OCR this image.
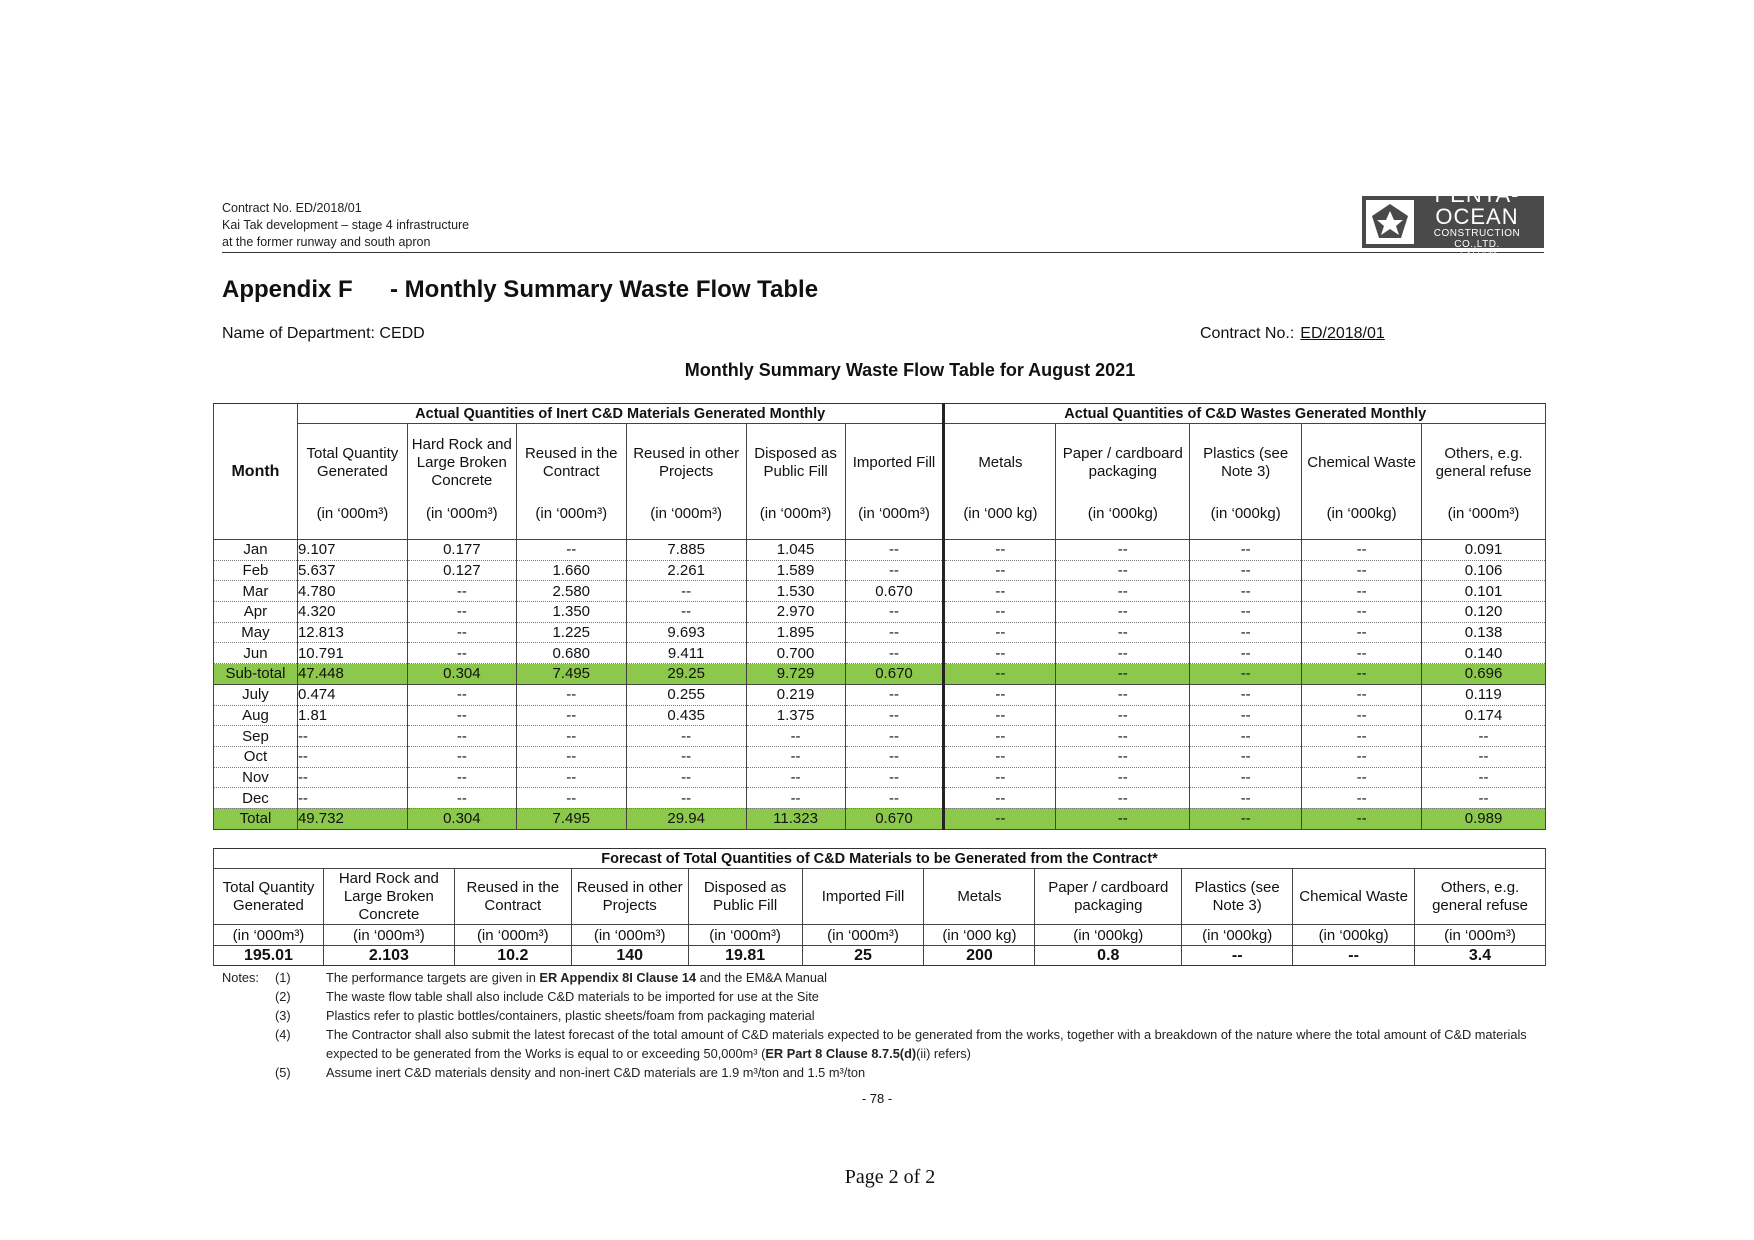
Contract No. ED/2018/01
Kai Tak development – stage 4 infrastructure
at the former runway and south apron
PENTA-OCEAN
CONSTRUCTION CO.,LTD.
五洋建設
Appendix F - Monthly Summary Waste Flow Table
Name of Department: CEDD	Contract No.: ED/2018/01
Monthly Summary Waste Flow Table for August 2021
Month	Actual Quantities of Inert C&D Materials Generated Monthly						Actual Quantities of C&D Wastes Generated Monthly				
	Total Quantity Generated	Hard Rock and Large Broken Concrete	Reused in the Contract	Reused in other Projects	Disposed as Public Fill	Imported Fill	Metals	Paper / cardboard packaging	Plastics (see Note 3)	Chemical Waste	Others, e.g. general refuse
	(in ‘000m³)	(in ‘000m³)	(in ‘000m³)	(in ‘000m³)	(in ‘000m³)	(in ‘000m³)	(in ‘000 kg)	(in ‘000kg)	(in ‘000kg)	(in ‘000kg)	(in ‘000m³)
Jan	9.107	0.177	--	7.885	1.045	--	--	--	--	--	0.091
Feb	5.637	0.127	1.660	2.261	1.589	--	--	--	--	--	0.106
Mar	4.780	--	2.580	--	1.530	0.670	--	--	--	--	0.101
Apr	4.320	--	1.350	--	2.970	--	--	--	--	--	0.120
May	12.813	--	1.225	9.693	1.895	--	--	--	--	--	0.138
Jun	10.791	--	0.680	9.411	0.700	--	--	--	--	--	0.140
Sub-total	47.448	0.304	7.495	29.25	9.729	0.670	--	--	--	--	0.696
July	0.474	--	--	0.255	0.219	--	--	--	--	--	0.119
Aug	1.81	--	--	0.435	1.375	--	--	--	--	--	0.174
Sep	--	--	--	--	--	--	--	--	--	--	--
Oct	--	--	--	--	--	--	--	--	--	--	--
Nov	--	--	--	--	--	--	--	--	--	--	--
Dec	--	--	--	--	--	--	--	--	--	--	--
Total	49.732	0.304	7.495	29.94	11.323	0.670	--	--	--	--	0.989
Forecast of Total Quantities of C&D Materials to be Generated from the Contract*										
Total Quantity Generated	Hard Rock and Large Broken Concrete	Reused in the Contract	Reused in other Projects	Disposed as Public Fill	Imported Fill	Metals	Paper / cardboard packaging	Plastics (see Note 3)	Chemical Waste	Others, e.g. general refuse
(in ‘000m³)	(in ‘000m³)	(in ‘000m³)	(in ‘000m³)	(in ‘000m³)	(in ‘000m³)	(in ‘000 kg)	(in ‘000kg)	(in ‘000kg)	(in ‘000kg)	(in ‘000m³)
195.01	2.103	10.2	140	19.81	25	200	0.8	--	--	3.4
Notes:	(1)	The performance targets are given in ER Appendix 8I Clause 14 and the EM&A Manual
(2)	The waste flow table shall also include C&D materials to be imported for use at the Site
(3)	Plastics refer to plastic bottles/containers, plastic sheets/foam from packaging material
(4)	The Contractor shall also submit the latest forecast of the total amount of C&D materials expected to be generated from the works, together with a breakdown of the nature where the total amount of C&D materials expected to be generated from the Works is equal to or exceeding 50,000m³ (ER Part 8 Clause 8.7.5(d)(ii) refers)
(5)	Assume inert C&D materials density and non-inert C&D materials are 1.9 m³/ton and 1.5 m³/ton
- 78 -
Page 2 of 2
